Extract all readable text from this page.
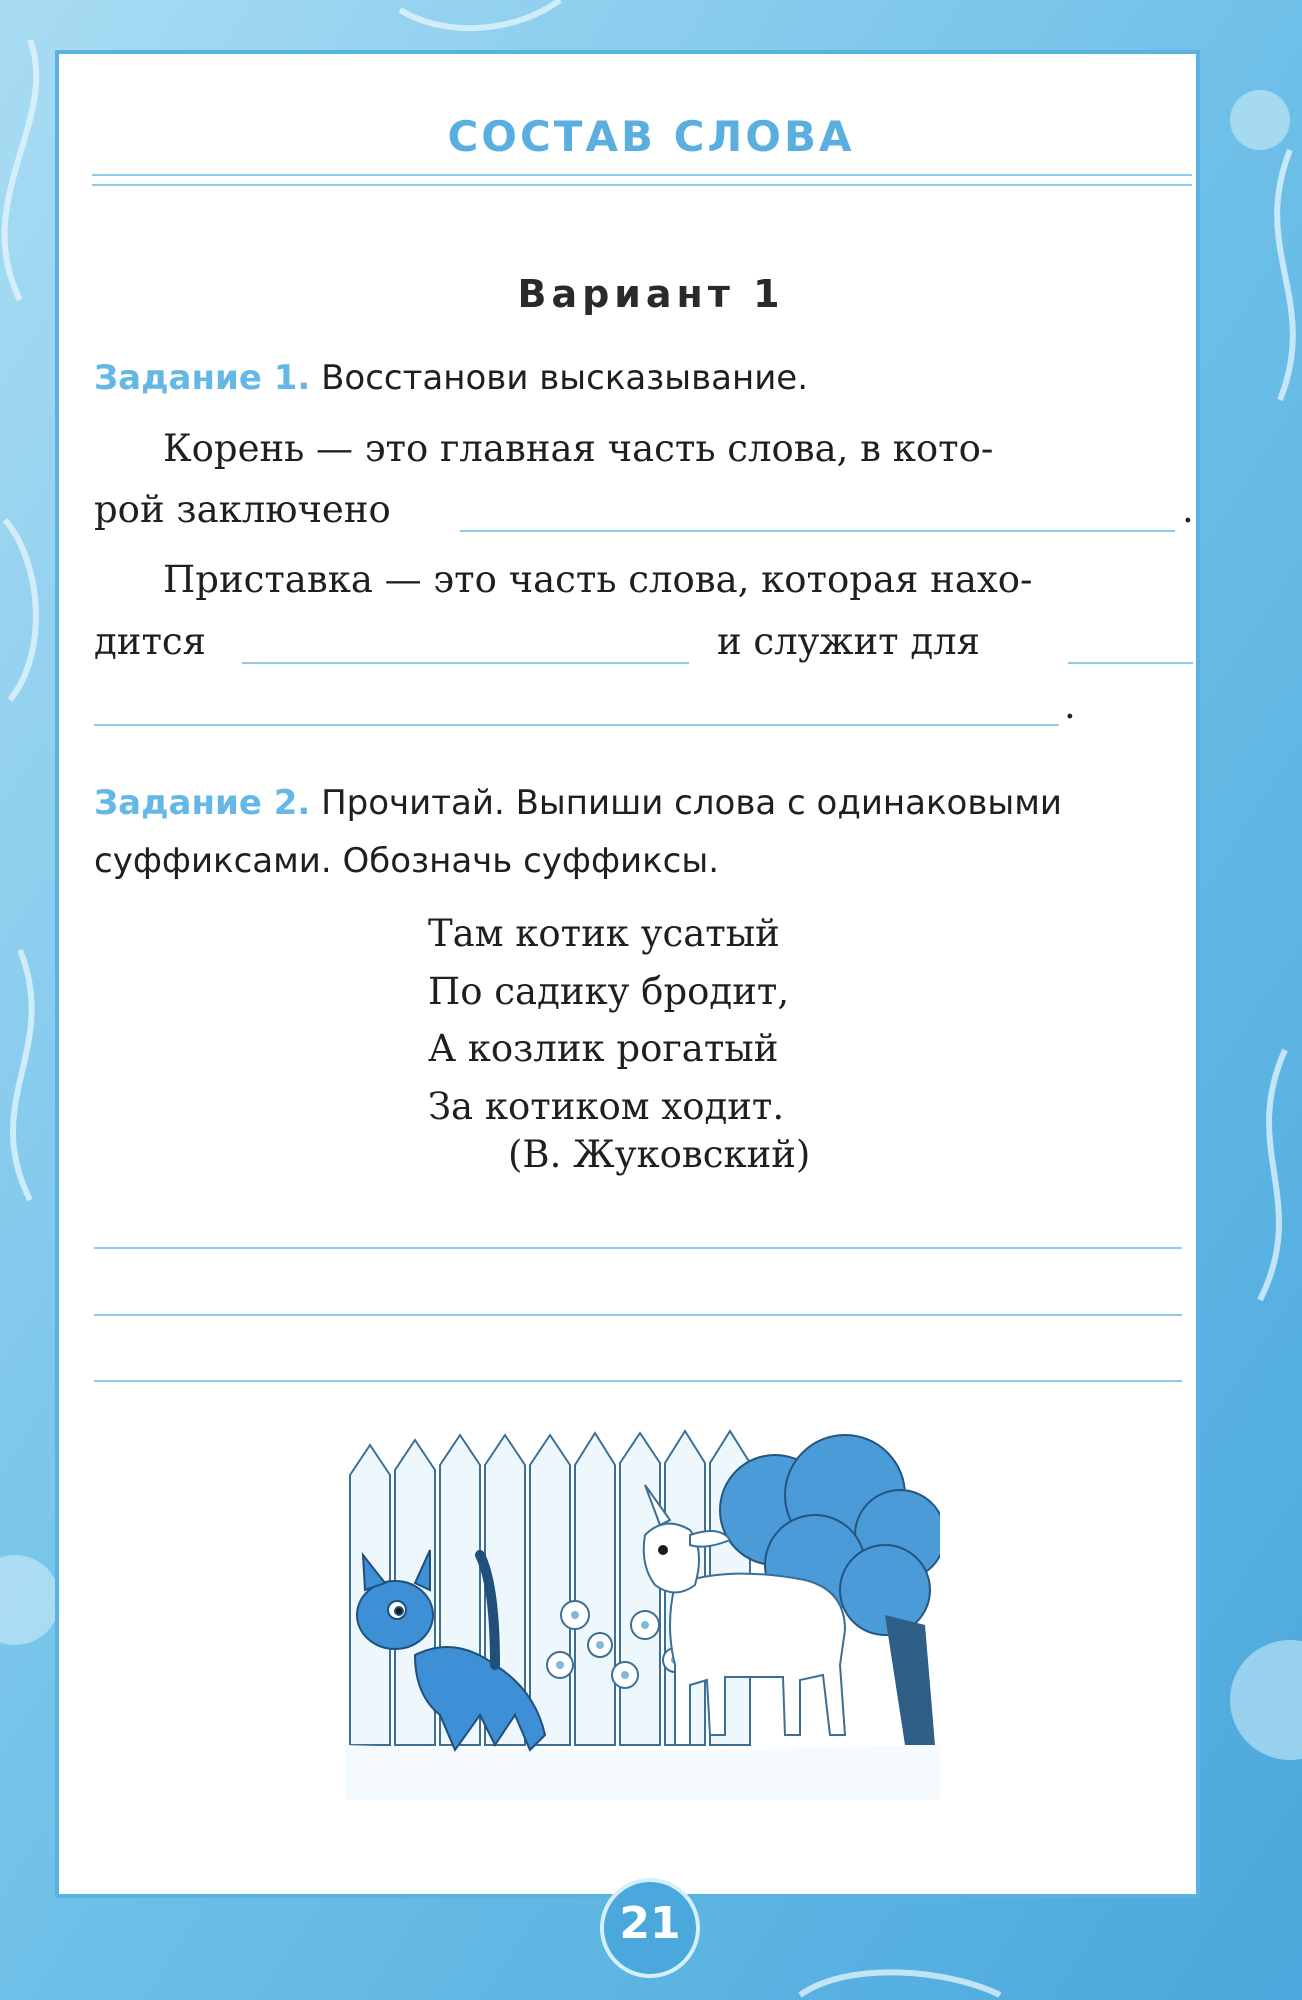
СОСТАВ СЛОВА
Вариант 1
Задание 1. Восстанови высказывание.
Корень — это главная часть слова, в кото-
рой заключено	.
Приставка — это часть слова, которая нахо-
дится	и служит для
.
Задание 2. Прочитай. Выпиши слова с одинаковыми
суффиксами. Обозначь суффиксы.
Там котик усатый
По садику бродит,
А козлик рогатый
За котиком ходит.
(В. Жуковский)
21
